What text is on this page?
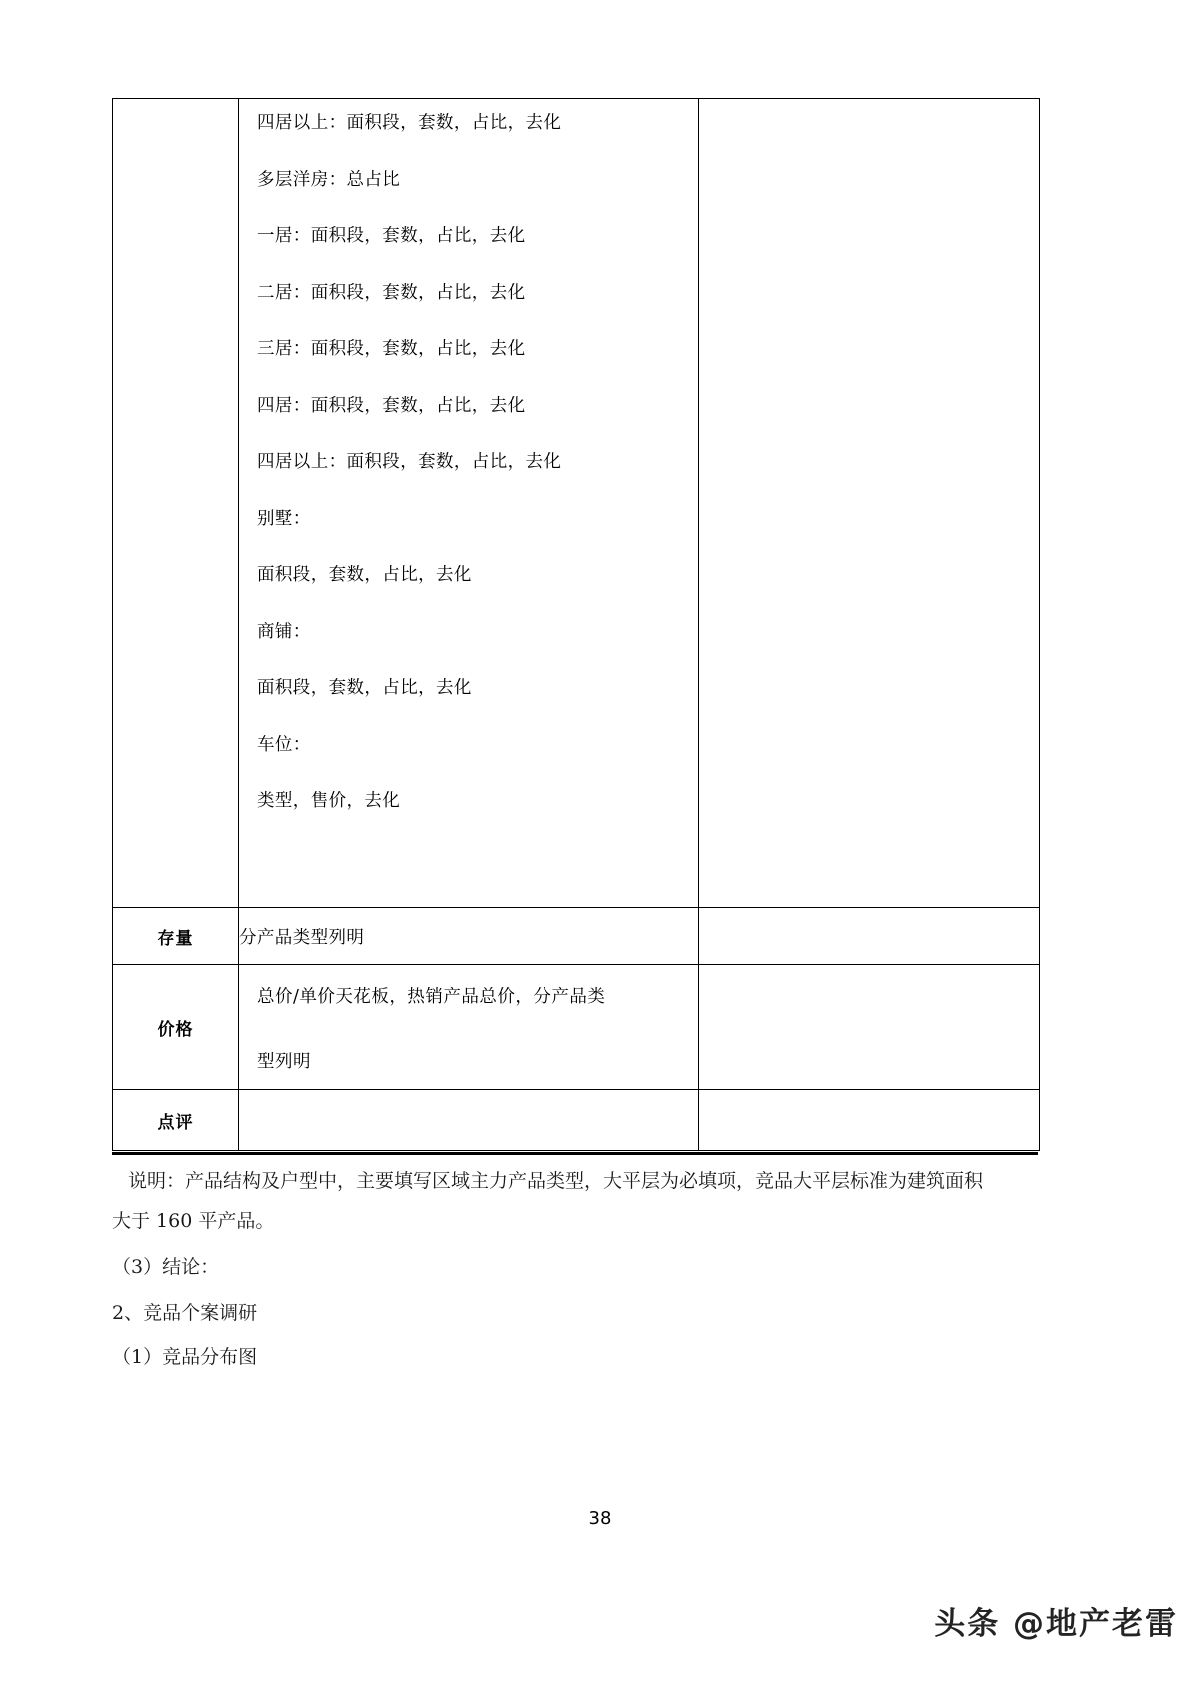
四居以上：面积段，套数，占比，去化
多层洋房：总占比
一居：面积段，套数，占比，去化
二居：面积段，套数，占比，去化
三居：面积段，套数，占比，去化
四居：面积段，套数，占比，去化
四居以上：面积段，套数，占比，去化
别墅：
面积段，套数，占比，去化
商铺：
面积段，套数，占比，去化
车位：
类型，售价，去化

存量	分产品类型列明	
价格	总价/单价天花板，热销产品总价，分产品类
型列明	

点评		
说明：产品结构及户型中，主要填写区域主力产品类型，大平层为必填项，竞品大平层标准为建筑面积
大于 160 平产品。
（3）结论：
2、竞品个案调研
（1）竞品分布图
38
头条 @地产老雷
